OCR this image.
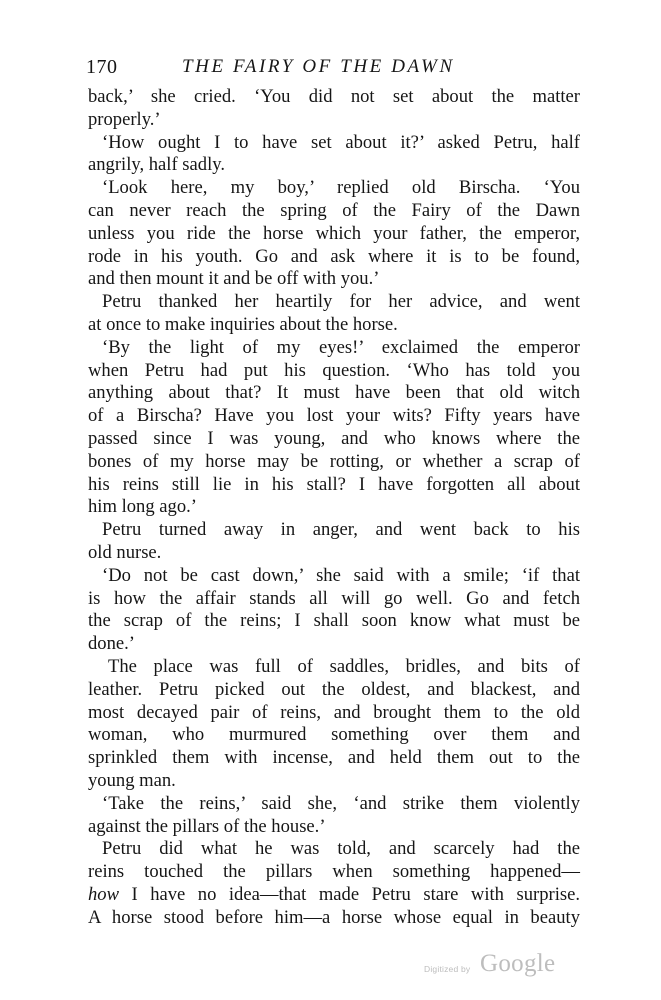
170	THE FAIRY OF THE DAWN
back,’ she cried. ‘You did not set about the matter
properly.’
‘How ought I to have set about it?’ asked Petru, half
angrily, half sadly.
‘Look here, my boy,’ replied old Birscha. ‘You
can never reach the spring of the Fairy of the Dawn
unless you ride the horse which your father, the emperor,
rode in his youth. Go and ask where it is to be found,
and then mount it and be off with you.’
Petru thanked her heartily for her advice, and went
at once to make inquiries about the horse.
‘By the light of my eyes!’ exclaimed the emperor
when Petru had put his question. ‘Who has told you
anything about that? It must have been that old witch
of a Birscha? Have you lost your wits? Fifty years have
passed since I was young, and who knows where the
bones of my horse may be rotting, or whether a scrap of
his reins still lie in his stall? I have forgotten all about
him long ago.’
Petru turned away in anger, and went back to his
old nurse.
‘Do not be cast down,’ she said with a smile; ‘if that
is how the affair stands all will go well. Go and fetch
the scrap of the reins; I shall soon know what must be
done.’
The place was full of saddles, bridles, and bits of
leather. Petru picked out the oldest, and blackest, and
most decayed pair of reins, and brought them to the old
woman, who murmured something over them and
sprinkled them with incense, and held them out to the
young man.
‘Take the reins,’ said she, ‘and strike them violently
against the pillars of the house.’
Petru did what he was told, and scarcely had the
reins touched the pillars when something happened—
how I have no idea—that made Petru stare with surprise.
A horse stood before him—a horse whose equal in beauty
Digitized by Google
